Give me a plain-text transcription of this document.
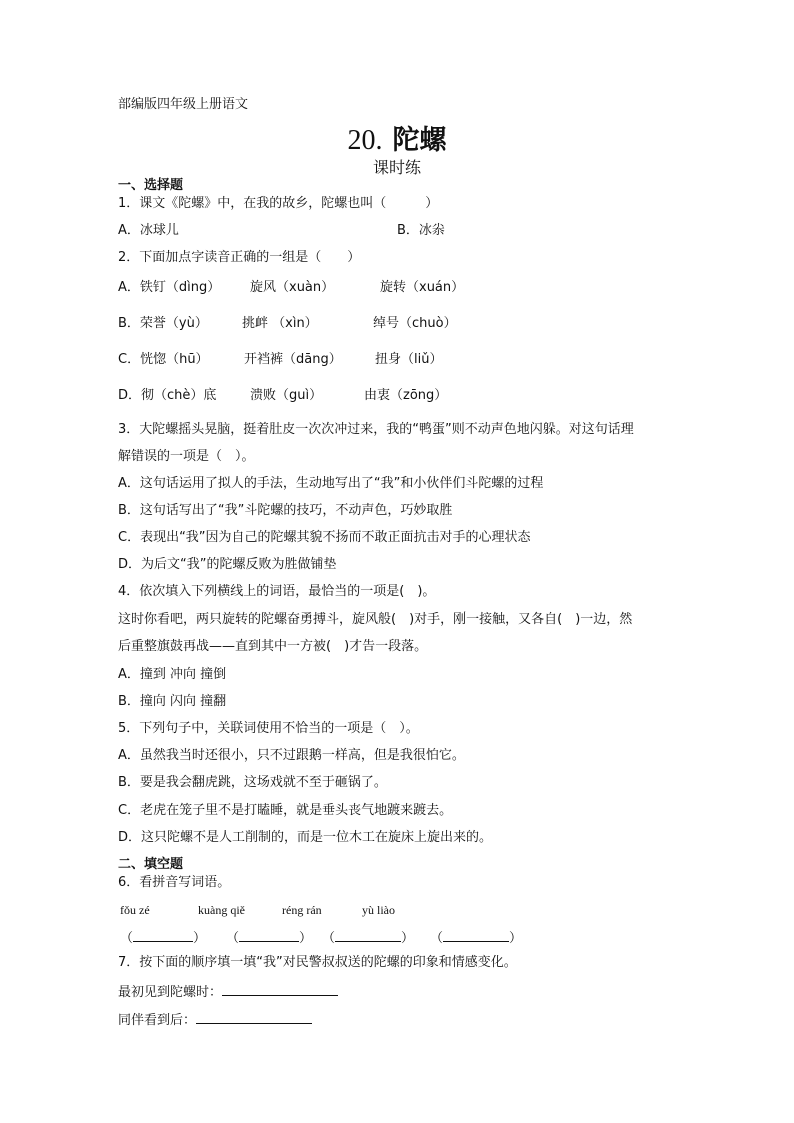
部编版四年级上册语文
20. 陀螺
课时练
一、选择题
1．课文《陀螺》中，在我的故乡，陀螺也叫（　　　）
A．冰球儿	B．冰尜
2．下面加点字读音正确的一组是（　　）
A．铁钉（dìng） 旋风（xuàn）	旋转（xuán）
B．荣誉（yù）	挑衅 （xìn）	绰号（chuò）
C．恍惚（hū）	开裆裤（dāng）	扭身（liǔ）
D．彻（chè）底	溃败（guì）	由衷（zōng）
3．大陀螺摇头晃脑，挺着肚皮一次次冲过来，我的“鸭蛋”则不动声色地闪躲。对这句话理
解错误的一项是（　）。
A．这句话运用了拟人的手法，生动地写出了“我”和小伙伴们斗陀螺的过程
B．这句话写出了“我”斗陀螺的技巧，不动声色，巧妙取胜
C．表现出“我”因为自己的陀螺其貌不扬而不敢正面抗击对手的心理状态
D．为后文“我”的陀螺反败为胜做铺垫
4．依次填入下列横线上的词语，最恰当的一项是(　)。
这时你看吧，两只旋转的陀螺奋勇搏斗，旋风般(　)对手，刚一接触，又各自(　)一边，然
后重整旗鼓再战——直到其中一方被(　)才告一段落。
A．撞到 冲向 撞倒
B．撞向 闪向 撞翻
5．下列句子中，关联词使用不恰当的一项是（　）。
A．虽然我当时还很小，只不过跟鹅一样高，但是我很怕它。
B．要是我会翻虎跳，这场戏就不至于砸锅了。
C．老虎在笼子里不是打瞌睡，就是垂头丧气地踱来踱去。
D．这只陀螺不是人工削制的，而是一位木工在旋床上旋出来的。
二、填空题
6．看拼音写词语。
fǒu zé	kuàng qiě	réng rán	yù liào
（	） （	） （	） （	）
7．按下面的顺序填一填“我”对民警叔叔送的陀螺的印象和情感变化。
最初见到陀螺时：
同伴看到后：
